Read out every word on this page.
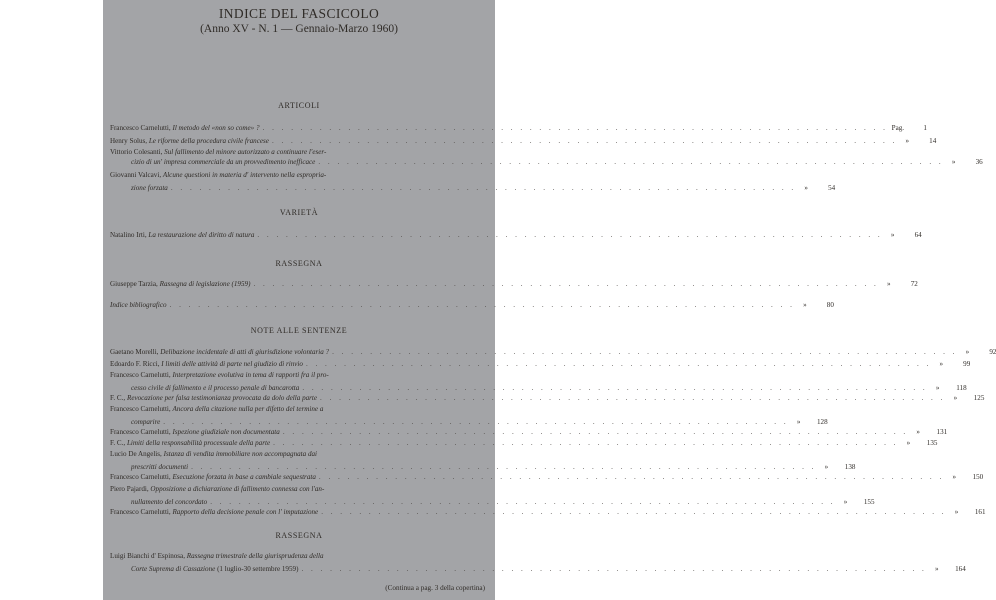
INDICE DEL FASCICOLO
(Anno XV - N. 1 — Gennaio-Marzo 1960)
ARTICOLI
Francesco Carnelutti, Il metodo del «non so come» ? . . .	Pag.	1
Henry Solus, Le riforme della procedura civile francese . . .	»	14
Vittorio Colesanti, Sul fallimento del minore autorizzato a continuare l'eser-
cizio di un' impresa commerciale da un provvedimento inefficace . . .	»	36
Giovanni Valcavi, Alcune questioni in materia d' intervento nella espropria-
zione forzata . . .	»	54
VARIETÀ
Natalino Irti, La restaurazione del diritto di natura . . .	»	64
RASSEGNA
Giuseppe Tarzia, Rassegna di legislazione (1959) . . .	»	72
Indice bibliografico . . .	»	80
NOTE ALLE SENTENZE
Gaetano Morelli, Delibazione incidentale di atti di giurisdizione volontaria ? . . .	»	92
Edoardo F. Ricci, I limiti delle attività di parte nel giudizio di rinvio . . .	»	99
Francesco Carnelutti, Interpretazione evolutiva in tema di rapporti fra il pro-
cesso civile di fallimento e il processo penale di bancarotta . . .	»	118
F. C., Revocazione per falsa testimonianza provocata da dolo della parte . . .	»	125
Francesco Carnelutti, Ancora della citazione nulla per difetto del termine a
comparire . . .	»	128
Francesco Carnelutti, Ispezione giudiziale non documentata . . .	»	131
F. C., Limiti della responsabilità processuale della parte . . .	»	135
Lucio De Angelis, Istanza di vendita immobiliare non accompagnata dai
prescritti documenti . . .	»	138
Francesco Carnelutti, Esecuzione forzata in base a cambiale sequestrata . . .	»	150
Piero Pajardi, Opposizione a dichiarazione di fallimento connessa con l'an-
nullamento del concordato . . .	»	155
Francesco Carnelutti, Rapporto della decisione penale con l' imputazione . . .	»	161
RASSEGNA
Luigi Bianchi d' Espinosa, Rassegna trimestrale della giurisprudenza della
Corte Suprema di Cassazione (1 luglio-30 settembre 1959) . . .	»	164
(Continua a pag. 3 della copertina)
